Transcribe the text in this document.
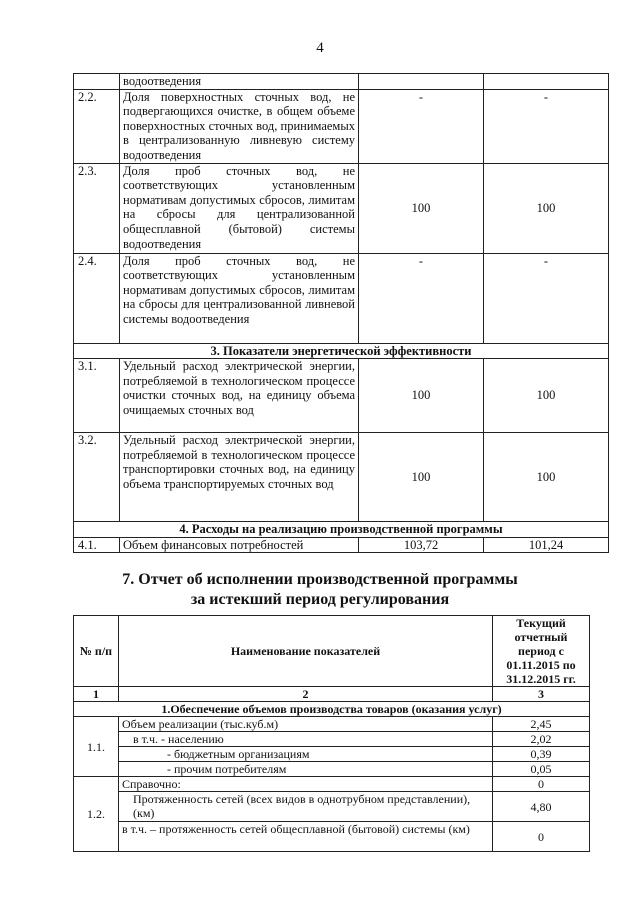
4
	водоотведения		
2.2.	Доля поверхностных сточных вод, не подвергающихся очистке, в общем объеме поверхностных сточных вод, принимаемых в централизованную ливневую систему водоотведения	-	-
2.3.	Доля проб сточных вод, не соответствующих установленным нормативам допустимых сбросов, лимитам на сбросы для централизованной общесплавной (бытовой) системы водоотведения	100	100
2.4.	Доля проб сточных вод, не соответствующих установленным нормативам допустимых сбросов, лимитам на сбросы для централизованной ливневой системы водоотведения	-	-
3. Показатели энергетической эффективности			
3.1.	Удельный расход электрической энергии, потребляемой в технологическом процессе очистки сточных вод, на единицу объема очищаемых сточных вод	100	100
3.2.	Удельный расход электрической энергии, потребляемой в технологическом процессе транспортировки сточных вод, на единицу объема транспортируемых сточных вод	100	100
4. Расходы на реализацию производственной программы			
4.1.	Объем финансовых потребностей	103,72	101,24
7. Отчет об исполнении производственной программы
за истекший период регулирования
№ п/п	Наименование показателей	Текущий отчетный период с 01.11.2015 по 31.12.2015 гг.
1	2	3
1.Обеспечение объемов производства товаров (оказания услуг)		
1.1.	Объем реализации (тыс.куб.м)	2,45
	в т.ч. - населению	2,02
	- бюджетным организациям	0,39
	- прочим потребителям	0,05
1.2.	Справочно:	0
	Протяженность сетей (всех видов в однотрубном представлении), (км)	4,80
	в т.ч. – протяженность сетей общесплавной (бытовой) системы (км)	0
